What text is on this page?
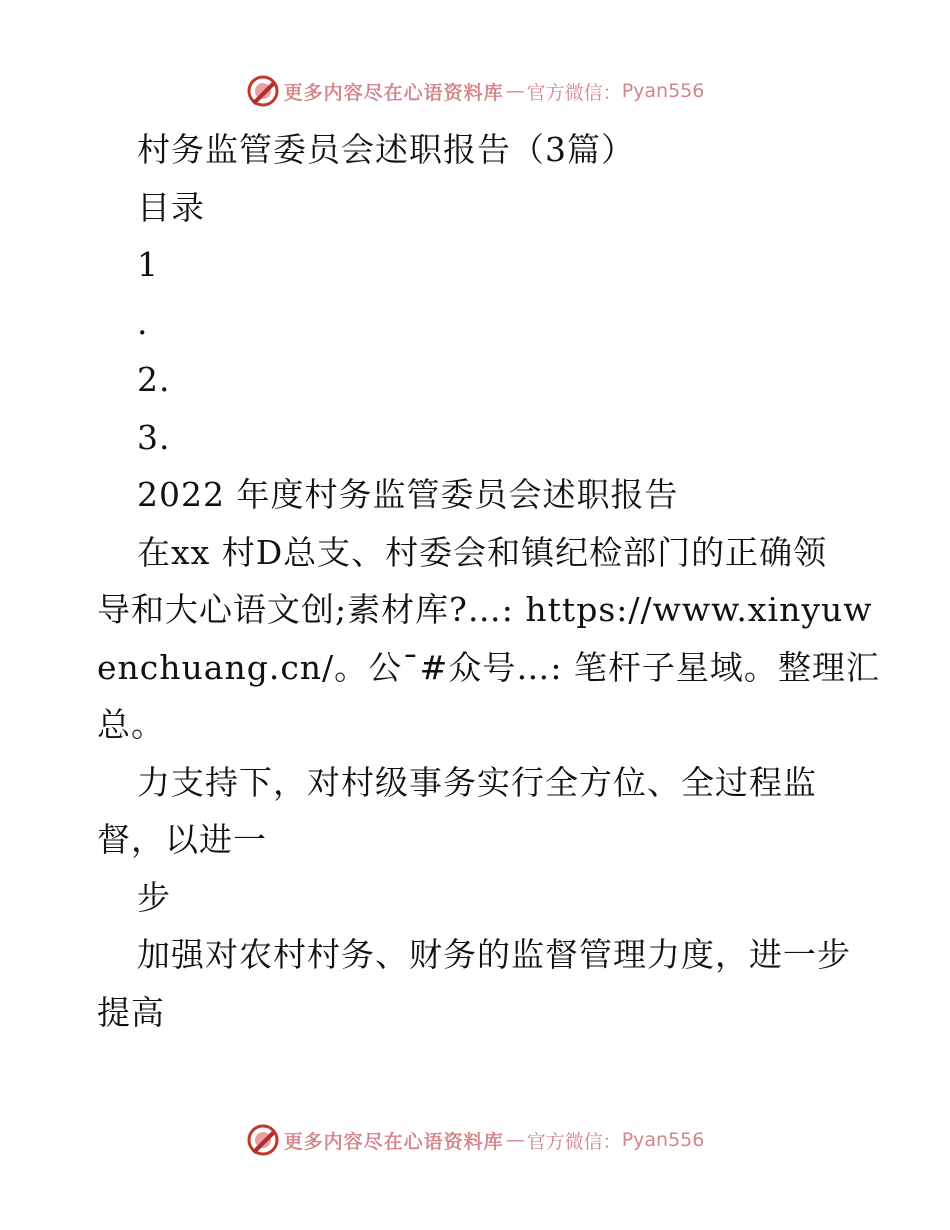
更多内容尽在心语资料库 — 官方微信： Pyan556
村务监管委员会述职报告（3篇）
目录
1
.
2.
3.
2022 年度村务监管委员会述职报告
在xx 村D总支、村委会和镇纪检部门的正确领
导和大心语文创;素材库?…: https://www.xinyuw
enchuang.cn/。公¯#众号…: 笔杆子星域。整理汇
总。
力支持下，对村级事务实行全方位、全过程监
督，以进一
步
加强对农村村务、财务的监督管理力度，进一步
提高
更多内容尽在心语资料库 — 官方微信： Pyan556
